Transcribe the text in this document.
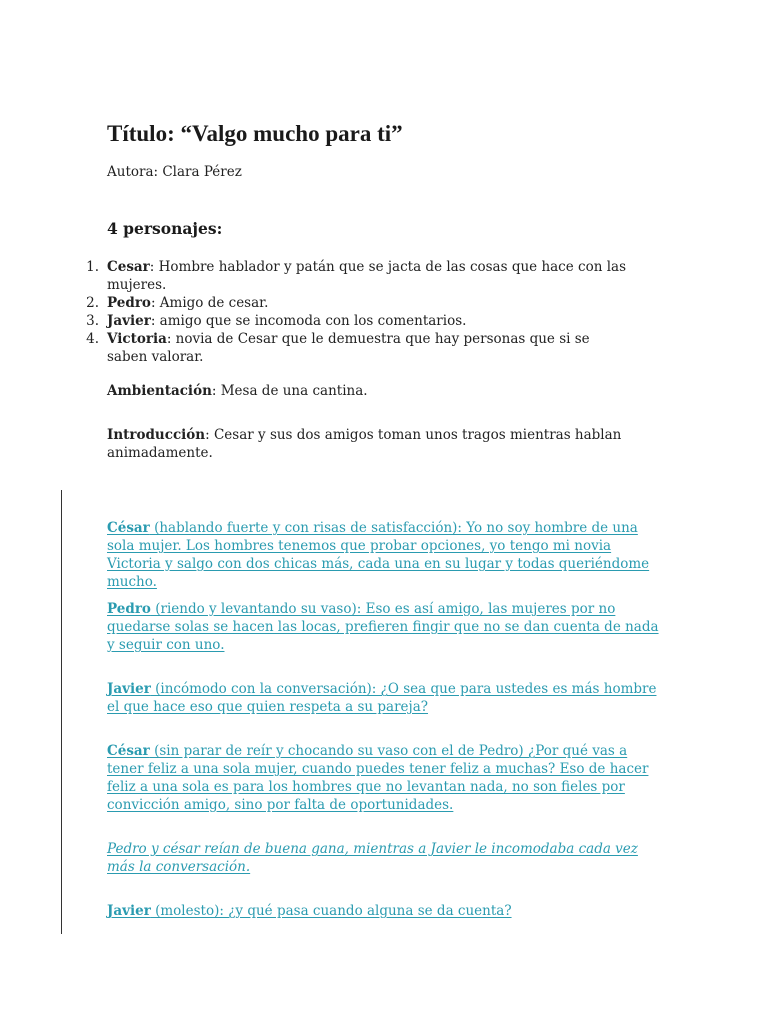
Título: “Valgo mucho para ti”
Autora: Clara Pérez
4 personajes:
1. Cesar: Hombre hablador y patán que se jacta de las cosas que hace con las mujeres.
2. Pedro: Amigo de cesar.
3. Javier: amigo que se incomoda con los comentarios.
4. Victoria: novia de Cesar que le demuestra que hay personas que si se saben valorar.
Ambientación: Mesa de una cantina.
Introducción: Cesar y sus dos amigos toman unos tragos mientras hablan animadamente.
César (hablando fuerte y con risas de satisfacción): Yo no soy hombre de una sola mujer. Los hombres tenemos que probar opciones, yo tengo mi novia Victoria y salgo con dos chicas más, cada una en su lugar y todas queriéndome mucho.
Pedro (riendo y levantando su vaso): Eso es así amigo, las mujeres por no quedarse solas se hacen las locas, prefieren fingir que no se dan cuenta de nada y seguir con uno.
Javier (incómodo con la conversación): ¿O sea que para ustedes es más hombre el que hace eso que quien respeta a su pareja?
César (sin parar de reír y chocando su vaso con el de Pedro) ¿Por qué vas a tener feliz a una sola mujer, cuando puedes tener feliz a muchas? Eso de hacer feliz a una sola es para los hombres que no levantan nada, no son fieles por convicción amigo, sino por falta de oportunidades.
Pedro y césar reían de buena gana, mientras a Javier le incomodaba cada vez más la conversación.
Javier (molesto): ¿y qué pasa cuando alguna se da cuenta?
